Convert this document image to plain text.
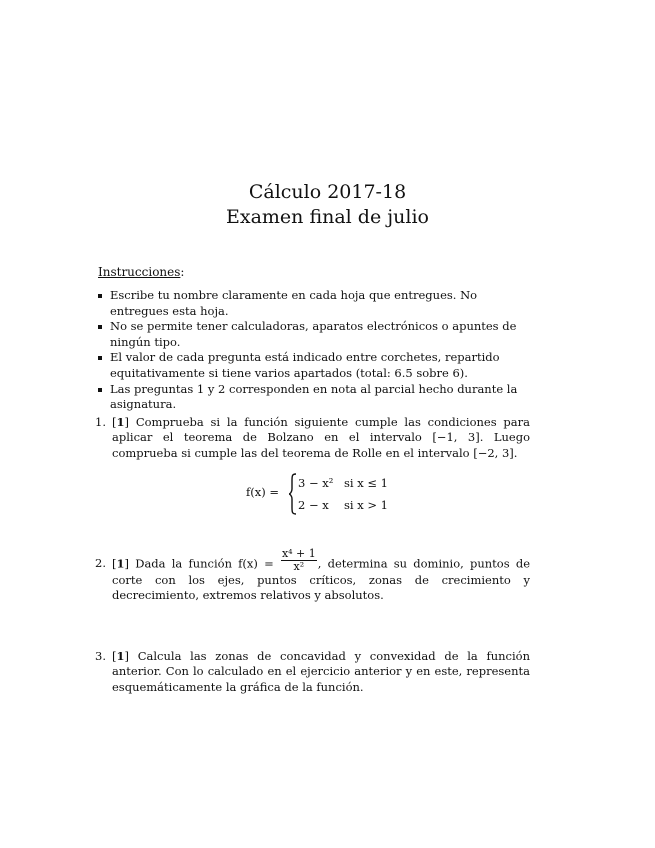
Cálculo 2017-18
Examen final de julio
Instrucciones:
Escribe tu nombre claramente en cada hoja que entregues. No entregues esta hoja.
No se permite tener calculadoras, aparatos electrónicos o apuntes de ningún tipo.
El valor de cada pregunta está indicado entre corchetes, repartido equitativamente si tiene varios apartados (total: 6.5 sobre 6).
Las preguntas 1 y 2 corresponden en nota al parcial hecho durante la asignatura.
1. [1] Comprueba si la función siguiente cumple las condiciones para aplicar el teorema de Bolzano en el intervalo [−1, 3]. Luego comprueba si cumple las del teorema de Rolle en el intervalo [−2, 3].
f(x) =
3 − x² si x ≤ 1
2 − x si x > 1
2. [1] Dada la función $f(x) = \frac{\text{x⁴ + 1}}{\text{x²}}$ , determina su dominio, puntos de corte con los ejes, puntos críticos, zonas de crecimiento y decrecimiento, extremos relativos y absolutos.
3. [1] Calcula las zonas de concavidad y convexidad de la función anterior. Con lo calculado en el ejercicio anterior y en este, representa esquemáticamente la gráfica de la función.
